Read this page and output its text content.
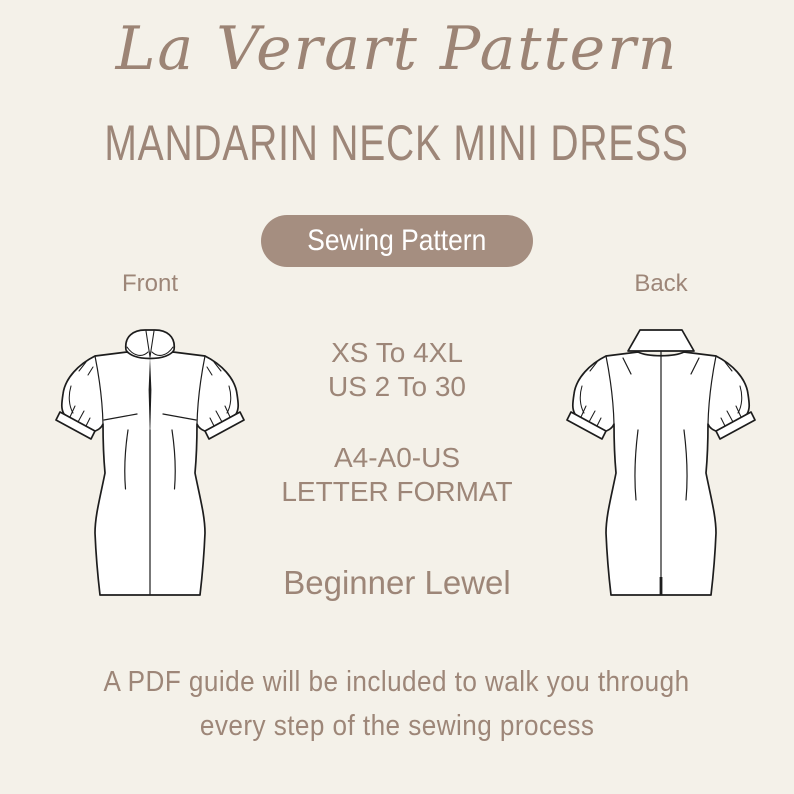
La Verart Pattern
MANDARIN NECK MINI DRESS
Sewing Pattern
Front	Back
XS To 4XL
US 2 To 30
A4-A0-US
LETTER FORMAT
Beginner Lewel
A PDF guide will be included to walk you through
every step of the sewing process
